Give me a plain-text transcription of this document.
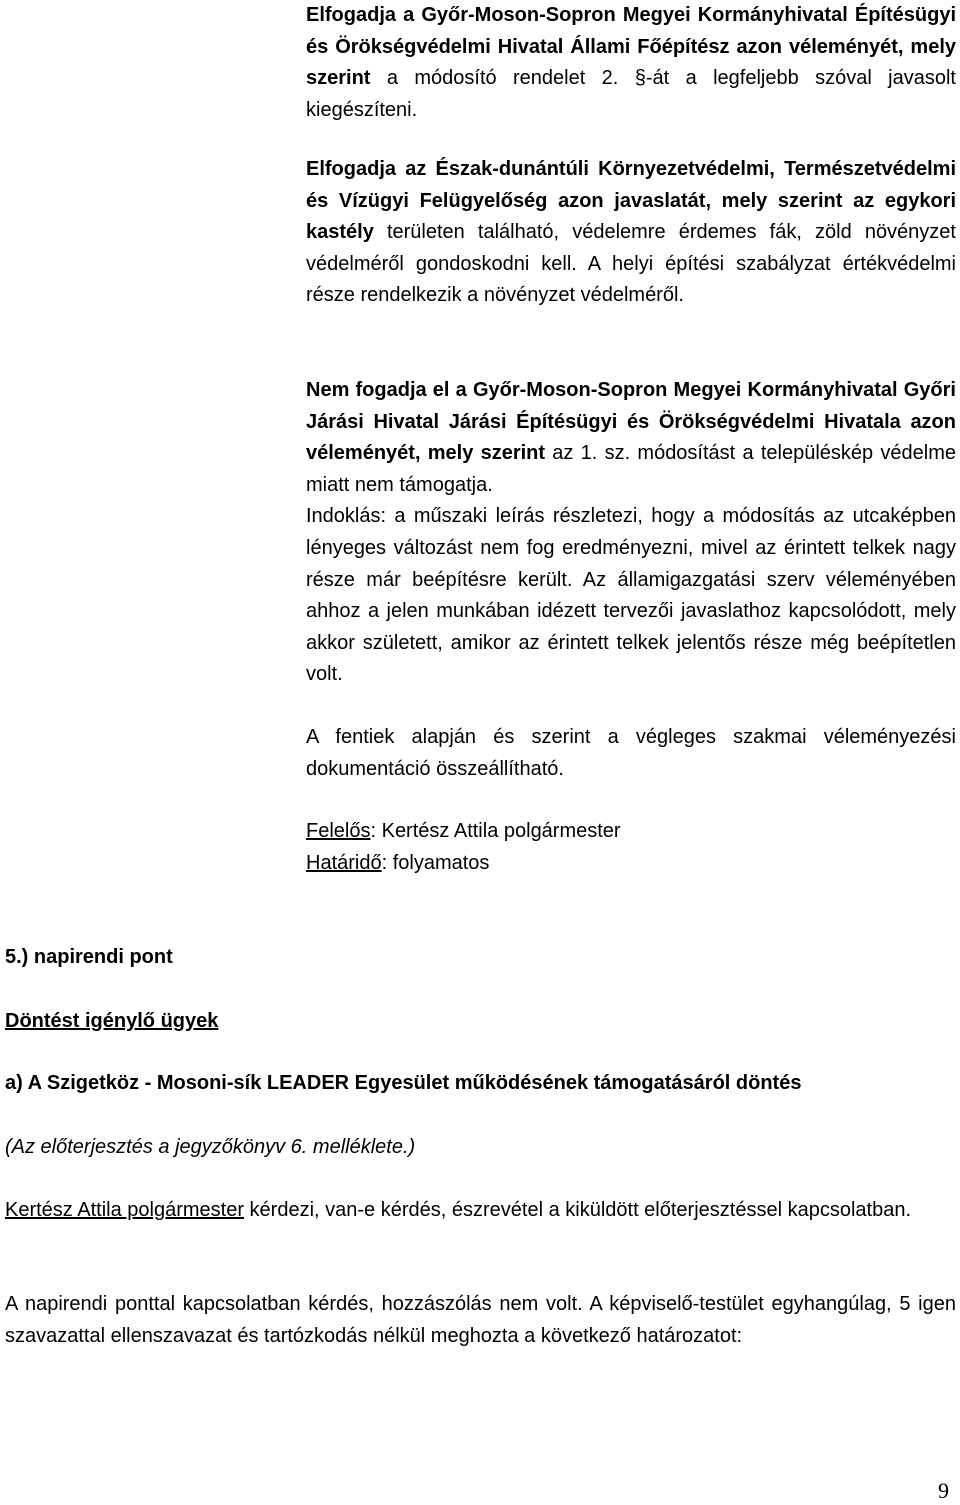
Elfogadja a Győr-Moson-Sopron Megyei Kormányhivatal Építésügyi és Örökségvédelmi Hivatal Állami Főépítész azon véleményét, mely szerint a módosító rendelet 2. §-át a legfeljebb szóval javasolt kiegészíteni.

Elfogadja az Észak-dunántúli Környezetvédelmi, Természetvédelmi és Vízügyi Felügyelőség azon javaslatát, mely szerint az egykori kastély területen található, védelemre érdemes fák, zöld növényzet védelméről gondoskodni kell. A helyi építési szabályzat értékvédelmi része rendelkezik a növényzet védelméről.

Nem fogadja el a Győr-Moson-Sopron Megyei Kormányhivatal Győri Járási Hivatal Járási Építésügyi és Örökségvédelmi Hivatala azon véleményét, mely szerint az 1. sz. módosítást a településkép védelme miatt nem támogatja.
Indoklás: a műszaki leírás részletezi, hogy a módosítás az utcaképben lényeges változást nem fog eredményezni, mivel az érintett telkek nagy része már beépítésre került. Az államigazgatási szerv véleményében ahhoz a jelen munkában idézett tervezői javaslathoz kapcsolódott, mely akkor született, amikor az érintett telkek jelentős része még beépítetlen volt.

A fentiek alapján és szerint a végleges szakmai véleményezési dokumentáció összeállítható.

Felelős: Kertész Attila polgármester
Határidő: folyamatos

5.) napirendi pont

Döntést igénylő ügyek

a) A Szigetköz - Mosoni-sík LEADER Egyesület működésének támogatásáról döntés

(Az előterjesztés a jegyzőkönyv 6. melléklete.)

Kertész Attila polgármester kérdezi, van-e kérdés, észrevétel a kiküldött előterjesztéssel kapcsolatban.

A napirendi ponttal kapcsolatban kérdés, hozzászólás nem volt. A képviselő-testület egyhangúlag, 5 igen szavazattal ellenszavazat és tartózkodás nélkül meghozta a következő határozatot:

9
